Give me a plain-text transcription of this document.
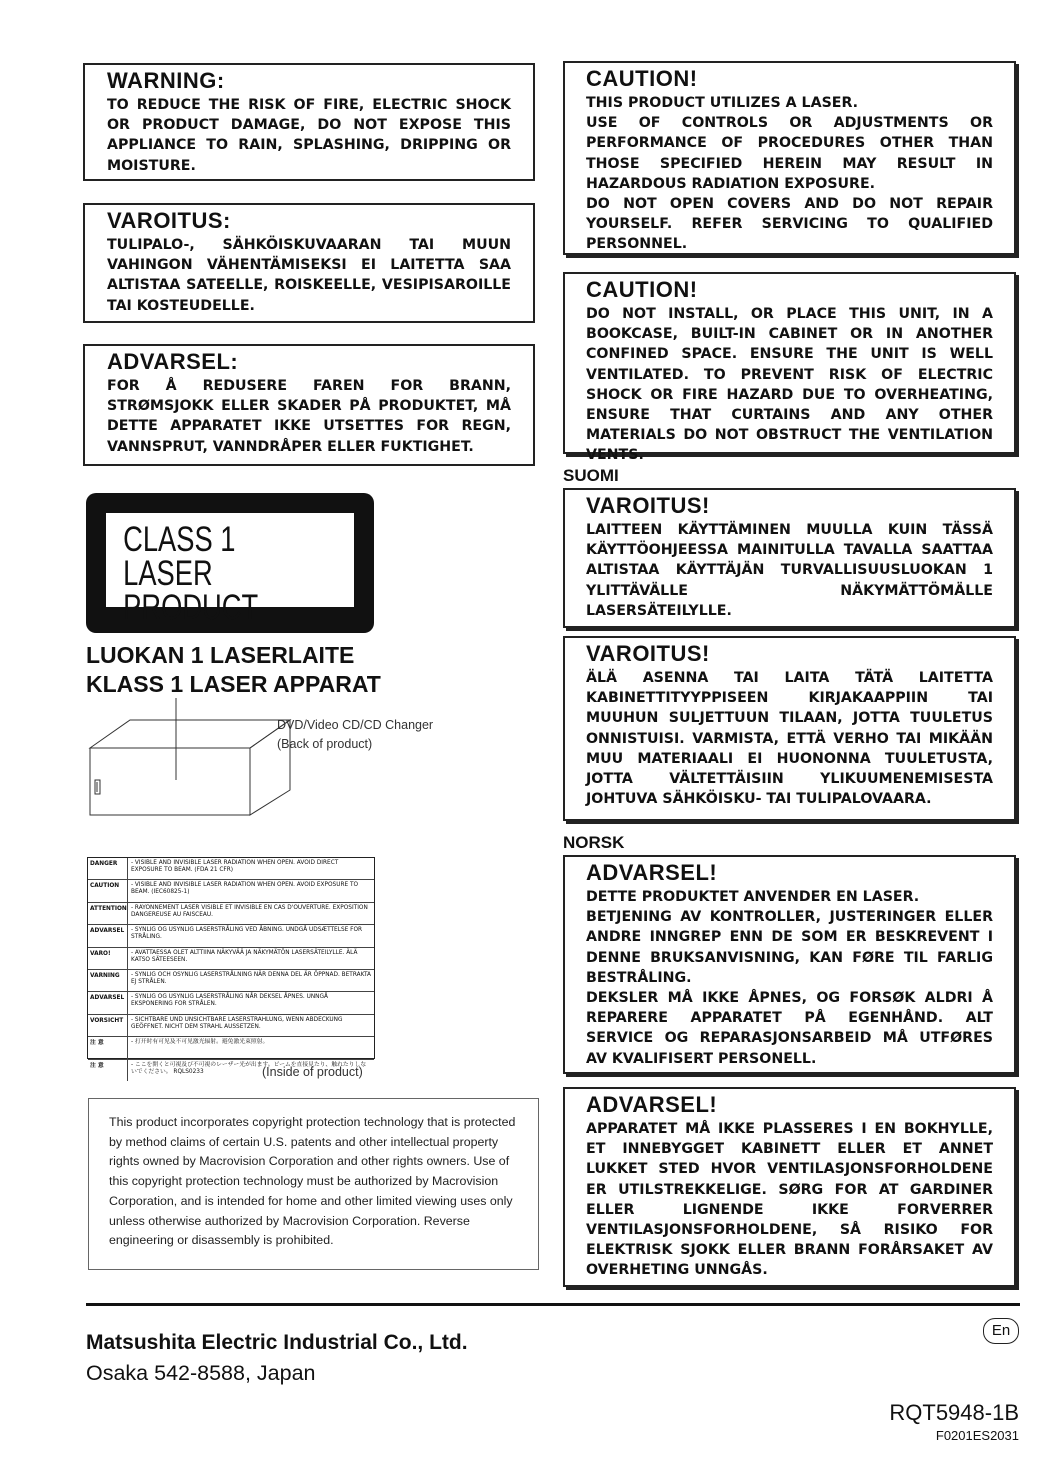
WARNING:

TO REDUCE THE RISK OF FIRE, ELECTRIC SHOCK OR PRODUCT DAMAGE, DO NOT EXPOSE THIS APPLIANCE TO RAIN, SPLASHING, DRIPPING OR MOISTURE.

VAROITUS:

TULIPALO-, SÄHKÖISKUVAARAN TAI MUUN VAHINGON VÄHENTÄMISEKSI EI LAITETTA SAA ALTISTAA SATEELLE, ROISKEELLE, VESIPISAROILLE TAI KOSTEUDELLE.

ADVARSEL:

FOR Å REDUSERE FAREN FOR BRANN, STRØMSJOKK ELLER SKADER PÅ PRODUKTET, MÅ DETTE APPARATET IKKE UTSETTES FOR REGN, VANNSPRUT, VANNDRÅPER ELLER FUKTIGHET.

CLASS 1
LASER PRODUCT
LUOKAN 1 LASERLAITE
KLASS 1 LASER APPARAT
DVD/Video CD/CD Changer
(Back of product)
DANGER	- VISIBLE AND INVISIBLE LASER RADIATION WHEN OPEN. AVOID DIRECT EXPOSURE TO BEAM. (FDA 21 CFR)
CAUTION	- VISIBLE AND INVISIBLE LASER RADIATION WHEN OPEN. AVOID EXPOSURE TO BEAM. (IEC60825-1)
ATTENTION - RAYONNEMENT LASER VISIBLE ET INVISIBLE EN CAS D'OUVERTURE. EXPOSITION DANGEREUSE AU FAISCEAU.
ADVARSEL	- SYNLIG OG USYNLIG LASERSTRÅLING VED ÅBNING. UNDGÅ UDSÆTTELSE FOR STRÅLING.
VARO!	- AVATTAESSA OLET ALTTIINA NÄKYVÄÄ JA NÄKYMÄTÖN LASERSÄTEILYLLE. ÄLÄ KATSO SÄTEESEEN.
VARNING	- SYNLIG OCH OSYNLIG LASERSTRÅLNING NÄR DENNA DEL ÄR ÖPPNAD. BETRAKTA EJ STRÅLEN.
ADVARSEL	- SYNLIG OG USYNLIG LASERSTRÅLING NÅR DEKSEL ÅPNES. UNNGÅ EKSPONERING FOR STRÅLEN.
VORSICHT	- SICHTBARE UND UNSICHTBARE LASERSTRAHLUNG, WENN ABDECKUNG GEÖFFNET. NICHT DEM STRAHL AUSSETZEN.
注 意	- 打开时有可见及不可见激光辐射。避免激光束照射。
注 意	- ここを開くと可視及び不可視のレーザー光が出ます。ビームを直接見たり、触れたりしないでください。 RQLS0233	(Inside of product)
This product incorporates copyright protection technology that is protected by method claims of certain U.S. patents and other intellectual property rights owned by Macrovision Corporation and other rights owners. Use of this copyright protection technology must be authorized by Macrovision Corporation, and is intended for home and other limited viewing uses only unless otherwise authorized by Macrovision Corporation. Reverse engineering or disassembly is prohibited.
CAUTION!

THIS PRODUCT UTILIZES A LASER.
USE OF CONTROLS OR ADJUSTMENTS OR PERFORMANCE OF PROCEDURES OTHER THAN THOSE SPECIFIED HEREIN MAY RESULT IN HAZARDOUS RADIATION EXPOSURE.
DO NOT OPEN COVERS AND DO NOT REPAIR YOURSELF. REFER SERVICING TO QUALIFIED PERSONNEL.

CAUTION!

DO NOT INSTALL, OR PLACE THIS UNIT, IN A BOOKCASE, BUILT-IN CABINET OR IN ANOTHER CONFINED SPACE. ENSURE THE UNIT IS WELL VENTILATED. TO PREVENT RISK OF ELECTRIC SHOCK OR FIRE HAZARD DUE TO OVERHEATING, ENSURE THAT CURTAINS AND ANY OTHER MATERIALS DO NOT OBSTRUCT THE VENTILATION VENTS.

SUOMI
VAROITUS!

LAITTEEN KÄYTTÄMINEN MUULLA KUIN TÄSSÄ KÄYTTÖOHJEESSA MAINITULLA TAVALLA SAATTAA ALTISTAA KÄYTTÄJÄN TURVALLISUUSLUOKAN 1 YLITTÄVÄLLE NÄKYMÄTTÖMÄLLE LASERSÄTEILYLLE.

VAROITUS!

ÄLÄ ASENNA TAI LAITA TÄTÄ LAITETTA KABINETTITYYPPISEEN KIRJAKAAPPIIN TAI MUUHUN SULJETTUUN TILAAN, JOTTA TUULETUS ONNISTUISI. VARMISTA, ETTÄ VERHO TAI MIKÄÄN MUU MATERIAALI EI HUONONNA TUULETUSTA, JOTTA VÄLTETTÄISIIN YLIKUUMENEMISESTA JOHTUVA SÄHKÖISKU- TAI TULIPALOVAARA.

NORSK
ADVARSEL!

DETTE PRODUKTET ANVENDER EN LASER.
BETJENING AV KONTROLLER, JUSTERINGER ELLER ANDRE INNGREP ENN DE SOM ER BESKREVENT I DENNE BRUKSANVISNING, KAN FØRE TIL FARLIG BESTRÅLING.
DEKSLER MÅ IKKE ÅPNES, OG FORSØK ALDRI Å REPARERE APPARATET PÅ EGENHÅND. ALT SERVICE OG REPARASJONSARBEID MÅ UTFØRES AV KVALIFISERT PERSONELL.

ADVARSEL!

APPARATET MÅ IKKE PLASSERES I EN BOKHYLLE, ET INNEBYGGET KABINETT ELLER ET ANNET LUKKET STED HVOR VENTILASJONSFORHOLDENE ER UTILSTREKKELIGE. SØRG FOR AT GARDINER ELLER LIGNENDE IKKE FORVERRER VENTILASJONSFORHOLDENE, SÅ RISIKO FOR ELEKTRISK SJOKK ELLER BRANN FORÅRSAKET AV OVERHETING UNNGÅS.

Matsushita Electric Industrial Co., Ltd.
Osaka 542-8588, Japan
En
RQT5948-1B
F0201ES2031
